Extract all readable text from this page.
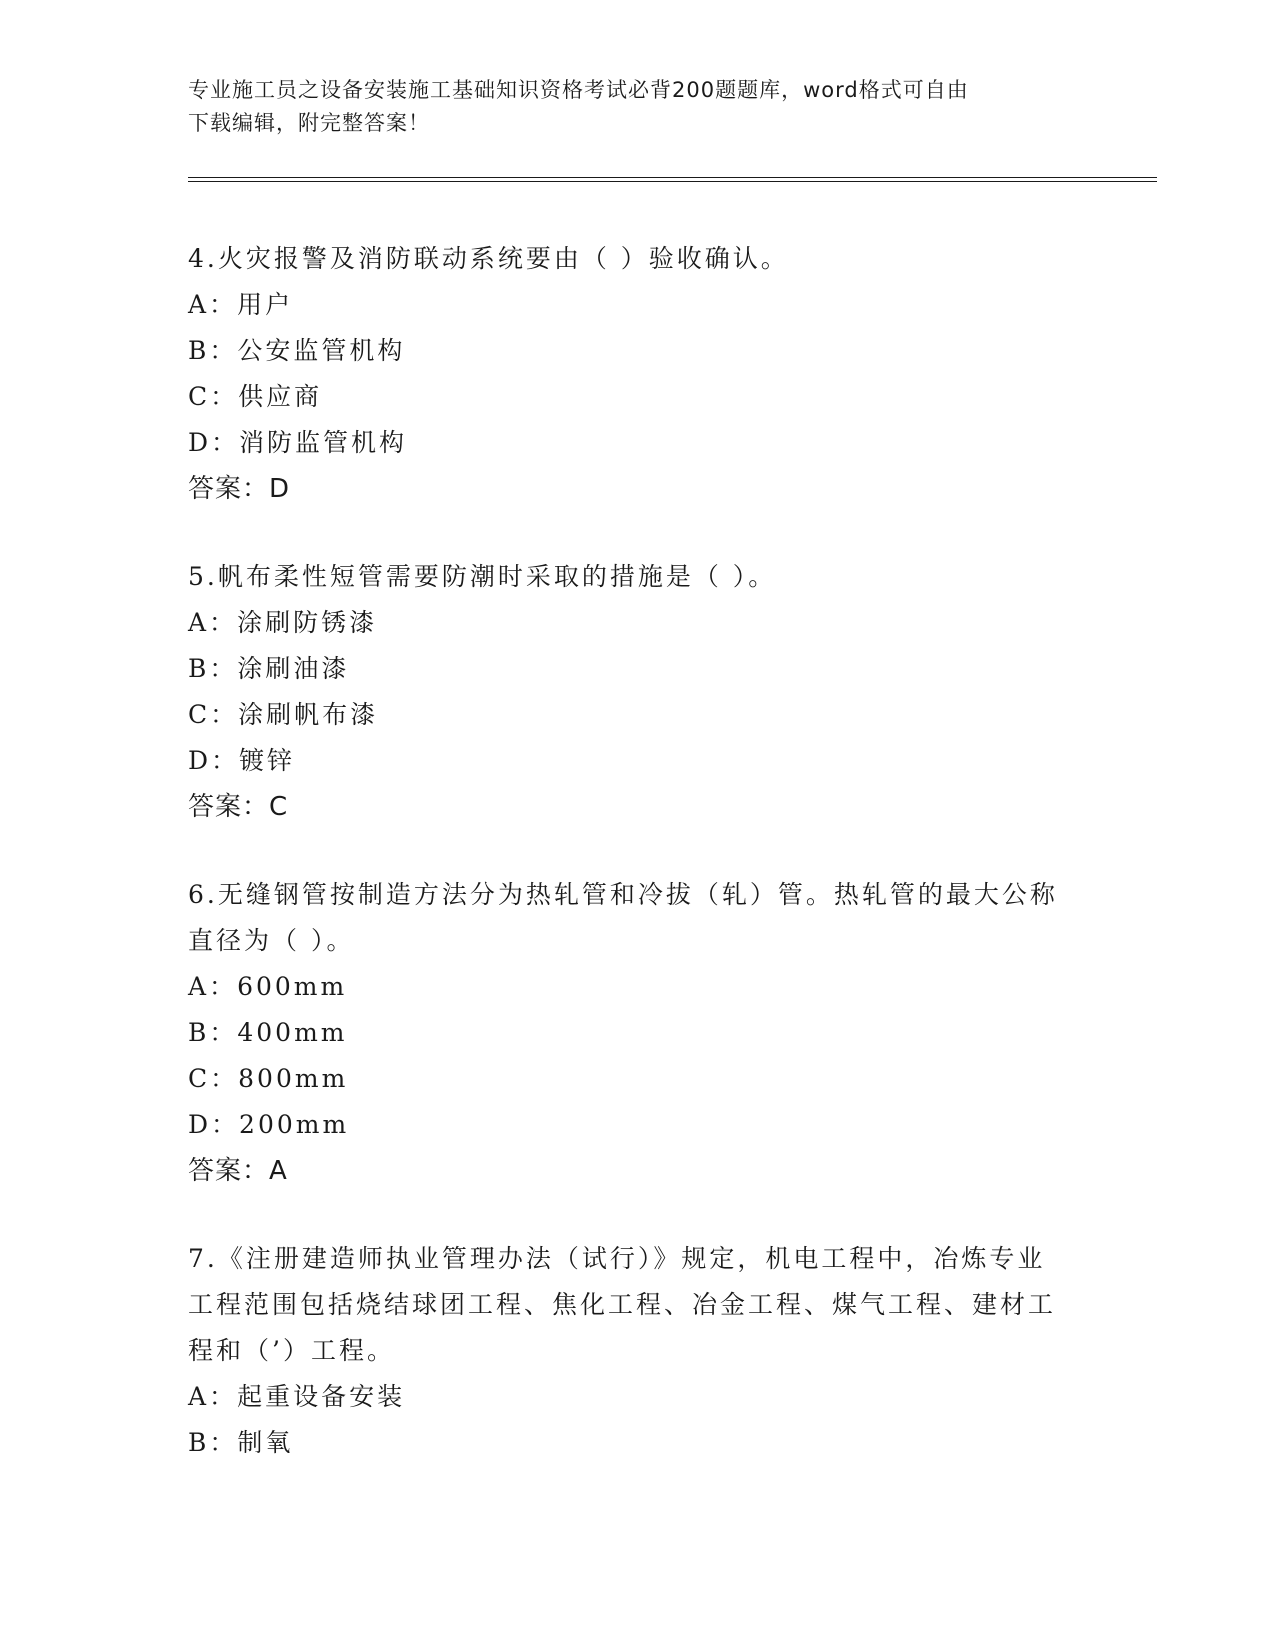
专业施工员之设备安装施工基础知识资格考试必背200题题库，word格式可自由
下载编辑，附完整答案！

4.火灾报警及消防联动系统要由（ ）验收确认。

A：用户

B：公安监管机构

C：供应商

D：消防监管机构

答案：D

5.帆布柔性短管需要防潮时采取的措施是（ ）。

A：涂刷防锈漆

B：涂刷油漆

C：涂刷帆布漆

D：镀锌

答案：C

6.无缝钢管按制造方法分为热轧管和冷拔（轧）管。热轧管的最大公称直径为（ ）。

A：600mm

B：400mm

C：800mm

D：200mm

答案：A

7.《注册建造师执业管理办法（试行）》规定，机电工程中，冶炼专业工程范围包括烧结球团工程、焦化工程、冶金工程、煤气工程、建材工程和（’）工程。

A：起重设备安装

B：制氧
